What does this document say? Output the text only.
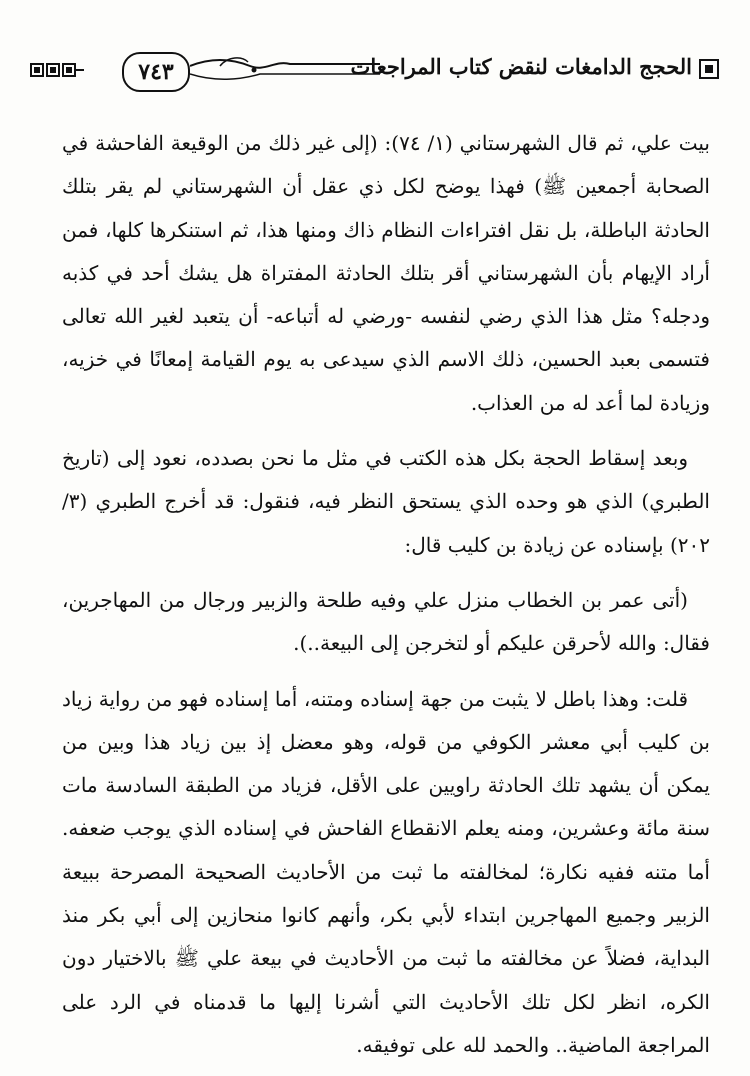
٧٤٣	الحجج الدامغات لنقض كتاب المراجعات

بيت علي، ثم قال الشهرستاني (١/ ٧٤): (إلى غير ذلك من الوقيعة الفاحشة في الصحابة أجمعين ﷺ) فهذا يوضح لكل ذي عقل أن الشهرستاني لم يقر بتلك الحادثة الباطلة، بل نقل افتراءات النظام ذاك ومنها هذا، ثم استنكرها كلها، فمن أراد الإيهام بأن الشهرستاني أقر بتلك الحادثة المفتراة هل يشك أحد في كذبه ودجله؟ مثل هذا الذي رضي لنفسه -ورضي له أتباعه- أن يتعبد لغير الله تعالى فتسمى بعبد الحسين، ذلك الاسم الذي سيدعى به يوم القيامة إمعانًا في خزيه، وزيادة لما أعد له من العذاب.

وبعد إسقاط الحجة بكل هذه الكتب في مثل ما نحن بصدده، نعود إلى (تاريخ الطبري) الذي هو وحده الذي يستحق النظر فيه، فنقول: قد أخرج الطبري (٣/ ٢٠٢) بإسناده عن زيادة بن كليب قال:

(أتى عمر بن الخطاب منزل علي وفيه طلحة والزبير ورجال من المهاجرين، فقال: والله لأحرقن عليكم أو لتخرجن إلى البيعة..).

قلت: وهذا باطل لا يثبت من جهة إسناده ومتنه، أما إسناده فهو من رواية زياد بن كليب أبي معشر الكوفي من قوله، وهو معضل إذ بين زياد هذا وبين من يمكن أن يشهد تلك الحادثة راويين على الأقل، فزياد من الطبقة السادسة مات سنة مائة وعشرين، ومنه يعلم الانقطاع الفاحش في إسناده الذي يوجب ضعفه. أما متنه ففيه نكارة؛ لمخالفته ما ثبت من الأحاديث الصحيحة المصرحة ببيعة الزبير وجميع المهاجرين ابتداء لأبي بكر، وأنهم كانوا منحازين إلى أبي بكر منذ البداية، فضلاً عن مخالفته ما ثبت من الأحاديث في بيعة علي ﷺ بالاختيار دون الكره، انظر لكل تلك الأحاديث التي أشرنا إليها ما قدمناه في الرد على المراجعة الماضية.. والحمد لله على توفيقه.
